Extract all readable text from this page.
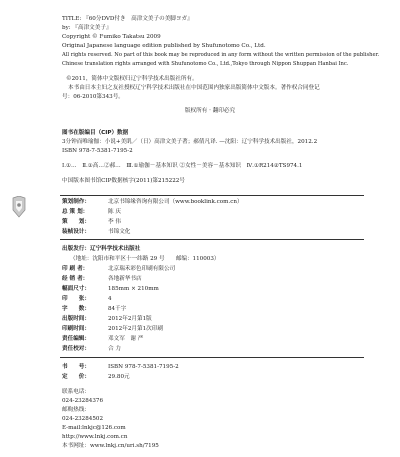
TITLE: 『60分DVD付き　高津文美子の美脚ヨガ』
by: 『高津文美子』
Copyright © Fumiko Takatsu 2009
Original Japanese language edition published by Shufunotomo Co., Ltd.
All rights reserved. No part of this book may be reproduced in any form without the written permission of the publisher.
Chinese translation rights arranged with Shufunotomo Co., Ltd.,Tokyo through Nippon Shuppan Hanbai Inc.
©2011，简体中文版权归辽宁科学技术出版社所有。
本书由日本主妇之友社授权辽宁科学技术出版社在中国范围内独家出版简体中文版本。著作权合同登记
号：06-2010第343号。
版权所有 · 翻印必究
图书在版编目（CIP）数据
3分钟而唯瑜伽：小说+美肌／（日）高津文美子著；郝倩凡译. —沈阳：辽宁科学技术出版社，2012.2
ISBN 978-7-5381-7195-2
Ⅰ.①…　Ⅱ.①高…②郝…　Ⅲ.①瑜伽－基本知识 ②女性－美容－基本知识　Ⅳ.①R214②TS974.1
中国版本图书馆CIP数据核字(2011)第215222号
策划制作：	北京书锦缘咨询有限公司（www.booklink.com.cn）
总 策 划：	陈 庆
策　　划：	李 伟
装帧设计：	书锦文化
出版发行：辽宁科学技术出版社
（地址：沈阳市和平区十一纬路 29 号　　邮编：110003）
印 刷 者：	北京瑞禾彩色印刷有限公司
经 销 者：	各地新华书店
幅面尺寸：	185mm × 210mm
印　　张：	4
字　　数：	84千字
出版时间：	2012年2月第1版
印刷时间：	2012年2月第1次印刷
责任编辑：	邓文军　谢 严
责任校对：	合 力
书　　号：	ISBN 978-7-5381-7195-2
定　　价：	29.80元
联系电话：
024-23284376
邮购热线：
024-23284502
E-mail:lnkjc@126.com
http://www.lnkj.com.cn
本书网址：www.lnkj.cn/uri.sh/7195
